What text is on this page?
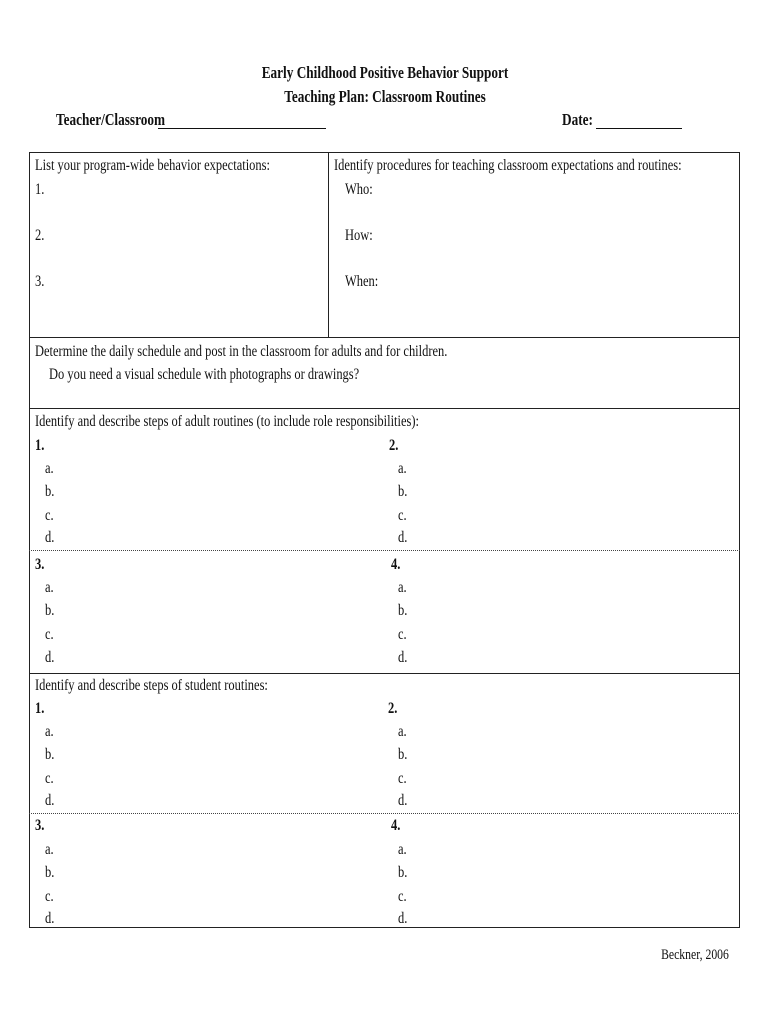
Early Childhood Positive Behavior Support
Teaching Plan: Classroom Routines
Teacher/Classroom	Date:
List your program-wide behavior expectations:
1.
2.
3.
Identify procedures for teaching classroom expectations and routines:
Who:
How:
When:
Determine the daily schedule and post in the classroom for adults and for children.
Do you need a visual schedule with photographs or drawings?
Identify and describe steps of adult routines (to include role responsibilities):
1.
a.
b.
c.
d.
2.
a.
b.
c.
d.
3.
a.
b.
c.
d.
4.
a.
b.
c.
d.
Identify and describe steps of student routines:
1.
a.
b.
c.
d.
2.
a.
b.
c.
d.
3.
a.
b.
c.
d.
4.
a.
b.
c.
d.
Beckner, 2006
